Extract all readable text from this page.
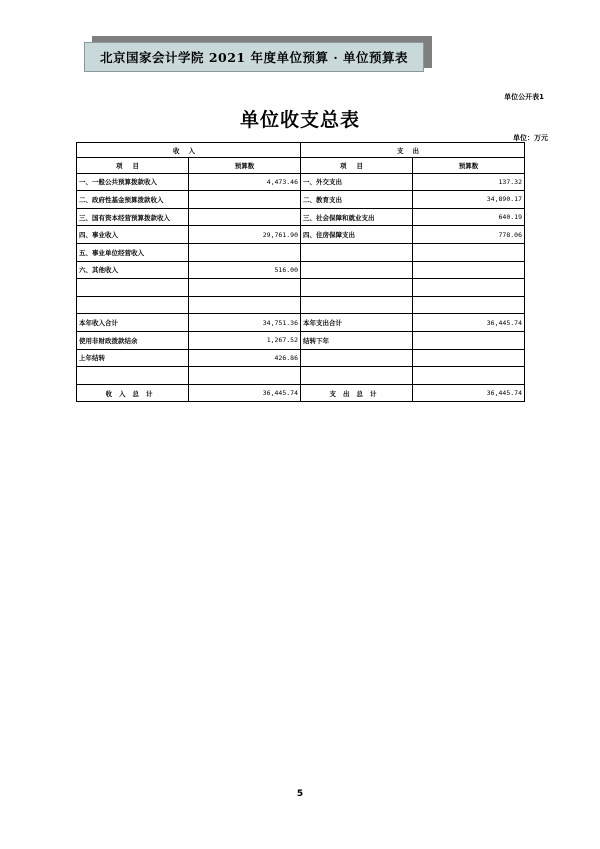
北京国家会计学院 2021 年度单位预算 · 单位预算表
单位公开表1
单位收支总表
单位：万元
收入		支出	
项目	预算数	项目	预算数
一、一般公共预算拨款收入	4,473.46	一、外交支出	137.32
二、政府性基金预算拨款收入		二、教育支出	34,890.17
三、国有资本经营预算拨款收入		三、社会保障和就业支出	640.19
四、事业收入	29,761.90	四、住房保障支出	778.06
五、事业单位经营收入			
六、其他收入	516.00		

本年收入合计	34,751.36	本年支出合计	36,445.74
使用非财政拨款结余	1,267.52	结转下年	
上年结转	426.86		

收入总计	36,445.74	支出总计	36,445.74
5
